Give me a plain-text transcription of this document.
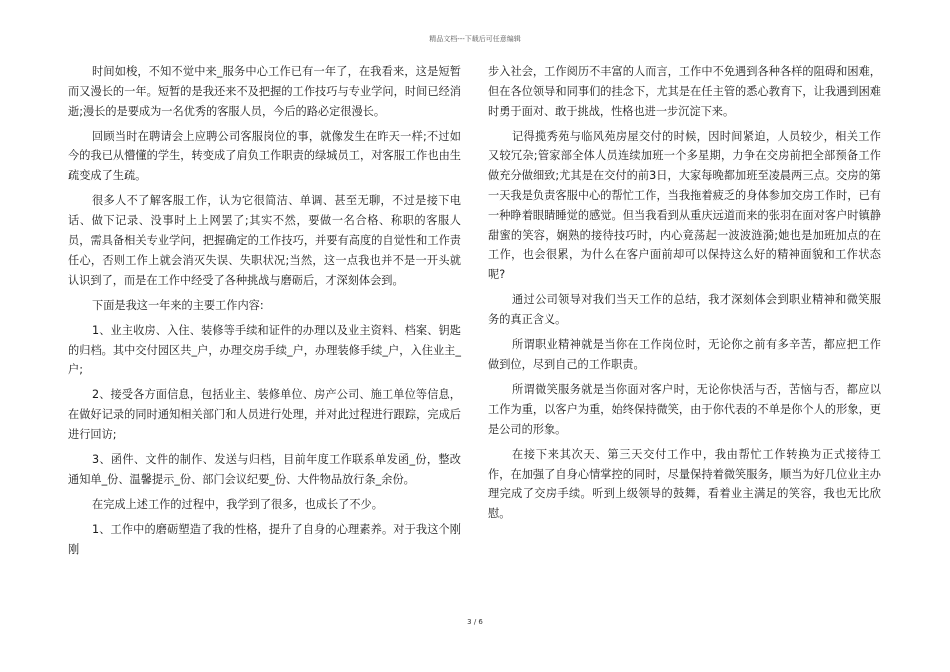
精品文档---下载后可任意编辑

时间如梭，不知不觉中来_服务中心工作已有一年了，在我看来，这是短暂而又漫长的一年。短暂的是我还来不及把握的工作技巧与专业学问，时间已经消逝;漫长的是要成为一名优秀的客服人员，今后的路必定很漫长。

回顾当时在聘请会上应聘公司客服岗位的事，就像发生在昨天一样;不过如今的我已从懵懂的学生，转变成了肩负工作职责的绿城员工，对客服工作也由生疏变成了生疏。

很多人不了解客服工作，认为它很简洁、单调、甚至无聊，不过是接下电话、做下记录、没事时上上网罢了;其实不然，要做一名合格、称职的客服人员，需具备相关专业学问，把握确定的工作技巧，并要有高度的自觉性和工作责任心，否则工作上就会消灭失误、失职状况;当然，这一点我也并不是一开头就认识到了，而是在工作中经受了各种挑战与磨砺后，才深刻体会到。

下面是我这一年来的主要工作内容:

1、业主收房、入住、装修等手续和证件的办理以及业主资料、档案、钥匙的归档。其中交付园区共_户，办理交房手续_户，办理装修手续_户，入住业主_户;

2、接受各方面信息，包括业主、装修单位、房产公司、施工单位等信息，在做好记录的同时通知相关部门和人员进行处理，并对此过程进行跟踪，完成后进行回访;

3、函件、文件的制作、发送与归档，目前年度工作联系单发函_份，整改通知单_份、温馨提示_份、部门会议纪要_份、大件物品放行条_余份。

在完成上述工作的过程中，我学到了很多，也成长了不少。

1、工作中的磨砺塑造了我的性格，提升了自身的心理素养。对于我这个刚刚

步入社会，工作阅历不丰富的人而言，工作中不免遇到各种各样的阻碍和困难，但在各位领导和同事们的挂念下，尤其是在任主管的悉心教育下，让我遇到困难时勇于面对、敢于挑战，性格也进一步沉淀下来。

记得揽秀苑与临风苑房屋交付的时候，因时间紧迫，人员较少，相关工作又较冗杂;管家部全体人员连续加班一个多星期，力争在交房前把全部预备工作做充分做细致;尤其是在交付的前3日，大家每晚都加班至凌晨两三点。交房的第一天我是负责客服中心的帮忙工作，当我拖着疲乏的身体参加交房工作时，已有一种睁着眼睛睡觉的感觉。但当我看到从重庆远道而来的张羽在面对客户时镇静甜蜜的笑容，娴熟的接待技巧时，内心竟荡起一波波涟漪;她也是加班加点的在工作，也会很累，为什么在客户面前却可以保持这么好的精神面貌和工作状态呢?

通过公司领导对我们当天工作的总结，我才深刻体会到职业精神和微笑服务的真正含义。

所谓职业精神就是当你在工作岗位时，无论你之前有多辛苦，都应把工作做到位，尽到自己的工作职责。

所谓微笑服务就是当你面对客户时，无论你快活与否，苦恼与否，都应以工作为重，以客户为重，始终保持微笑，由于你代表的不单是你个人的形象，更是公司的形象。

在接下来其次天、第三天交付工作中，我由帮忙工作转换为正式接待工作，在加强了自身心情掌控的同时，尽量保持着微笑服务，顺当为好几位业主办理完成了交房手续。听到上级领导的鼓舞，看着业主满足的笑容，我也无比欣慰。

3 / 6
